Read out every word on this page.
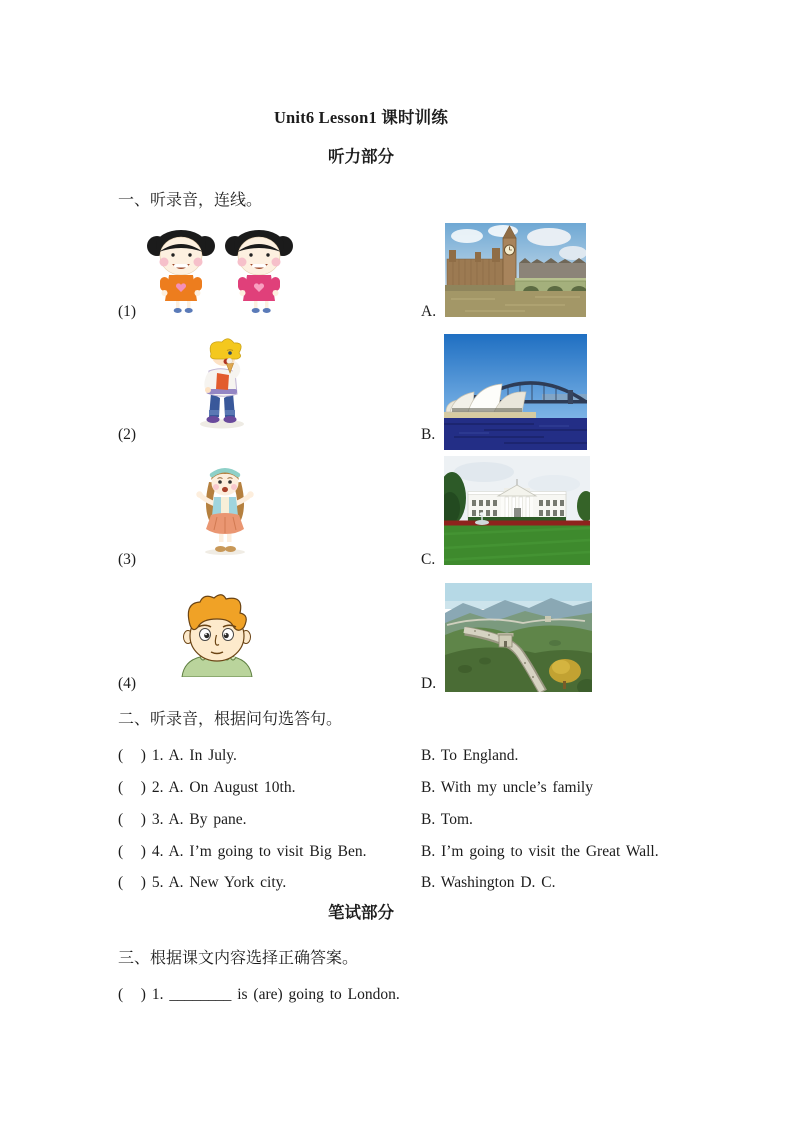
Unit6 Lesson1 课时训练
听力部分
一、听录音，连线。
(1)	A.
(2)	B.
(3)	C.
(4)	D.
二、听录音，根据问句选答句。
(   ) 1. A. In July.	B. To England.
(   ) 2. A. On August 10th.	B. With my uncle’s family
(   ) 3. A. By pane.	B. Tom.
(   ) 4. A. I’m going to visit Big Ben.	B. I’m going to visit the Great Wall.
(   ) 5. A. New York city.	B. Washington D. C.
笔试部分
三、根据课文内容选择正确答案。
(   ) 1. ________ is (are) going to London.
